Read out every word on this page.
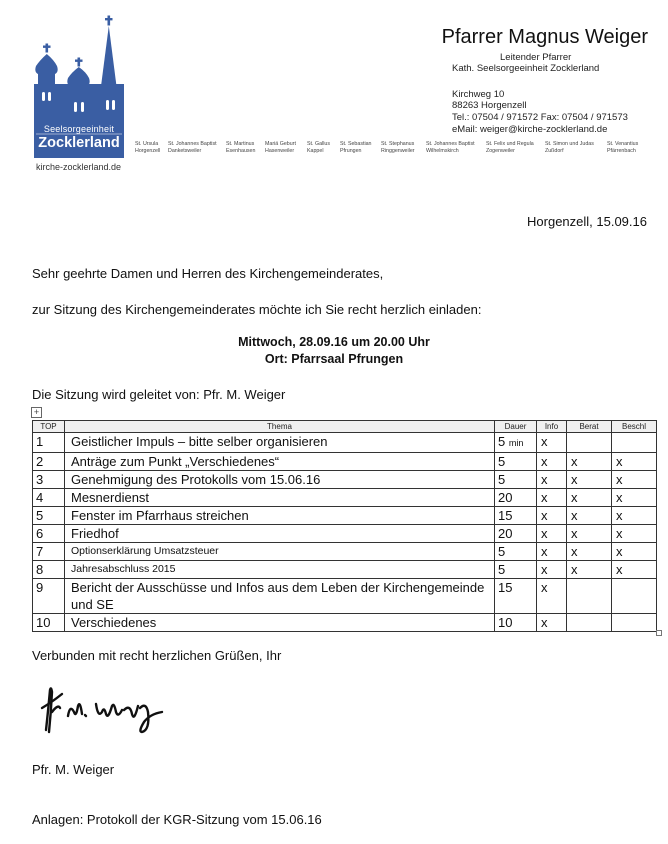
Seelsorgeeinheit
Zocklerland
kirche-zocklerland.de
St. Ursula
Horgenzell
St. Johannes Baptist
Danketsweiler
St. Martinus
Esenhausen
Mariä Geburt
Hasenweiler
St. Gallus
Kappel
St. Sebastian
Pfrungen
St. Stephanus
Ringgenweiler
St. Johannes Baptist
Wilhelmskirch
St. Felix und Regula
Zogenweiler
St. Simon und Judas
Zußdorf
St. Venantius
Pfärrenbach
Pfarrer Magnus Weiger
Leitender Pfarrer
Kath. Seelsorgeeinheit Zocklerland
Kirchweg 10
88263 Horgenzell
Tel.: 07504 / 971572 Fax: 07504 / 971573
eMail: weiger@kirche-zocklerland.de
Horgenzell, 15.09.16
Sehr geehrte Damen und Herren des Kirchengemeinderates,
zur Sitzung des Kirchengemeinderates möchte ich Sie recht herzlich einladen:
Mittwoch, 28.09.16 um 20.00 Uhr
Ort: Pfarrsaal Pfrungen
Die Sitzung wird geleitet von: Pfr. M. Weiger
+
TOP	Thema	Dauer	Info	Berat	Beschl
1	Geistlicher Impuls – bitte selber organisieren	5 min	x		
2	Anträge zum Punkt „Verschiedenes“	5	x	x	x
3	Genehmigung des Protokolls vom 15.06.16	5	x	x	x
4	Mesnerdienst	20	x	x	x
5	Fenster im Pfarrhaus streichen	15	x	x	x
6	Friedhof	20	x	x	x
7	Optionserklärung Umsatzsteuer	5	x	x	x
8	Jahresabschluss 2015	5	x	x	x
9	Bericht der Ausschüsse und Infos aus dem Leben der Kirchengemeinde und SE	15	x		
10	Verschiedenes	10	x		
Verbunden mit recht herzlichen Grüßen, Ihr
Pf. M. Weiger
Pfr. M. Weiger
Anlagen: Protokoll der KGR-Sitzung vom 15.06.16
